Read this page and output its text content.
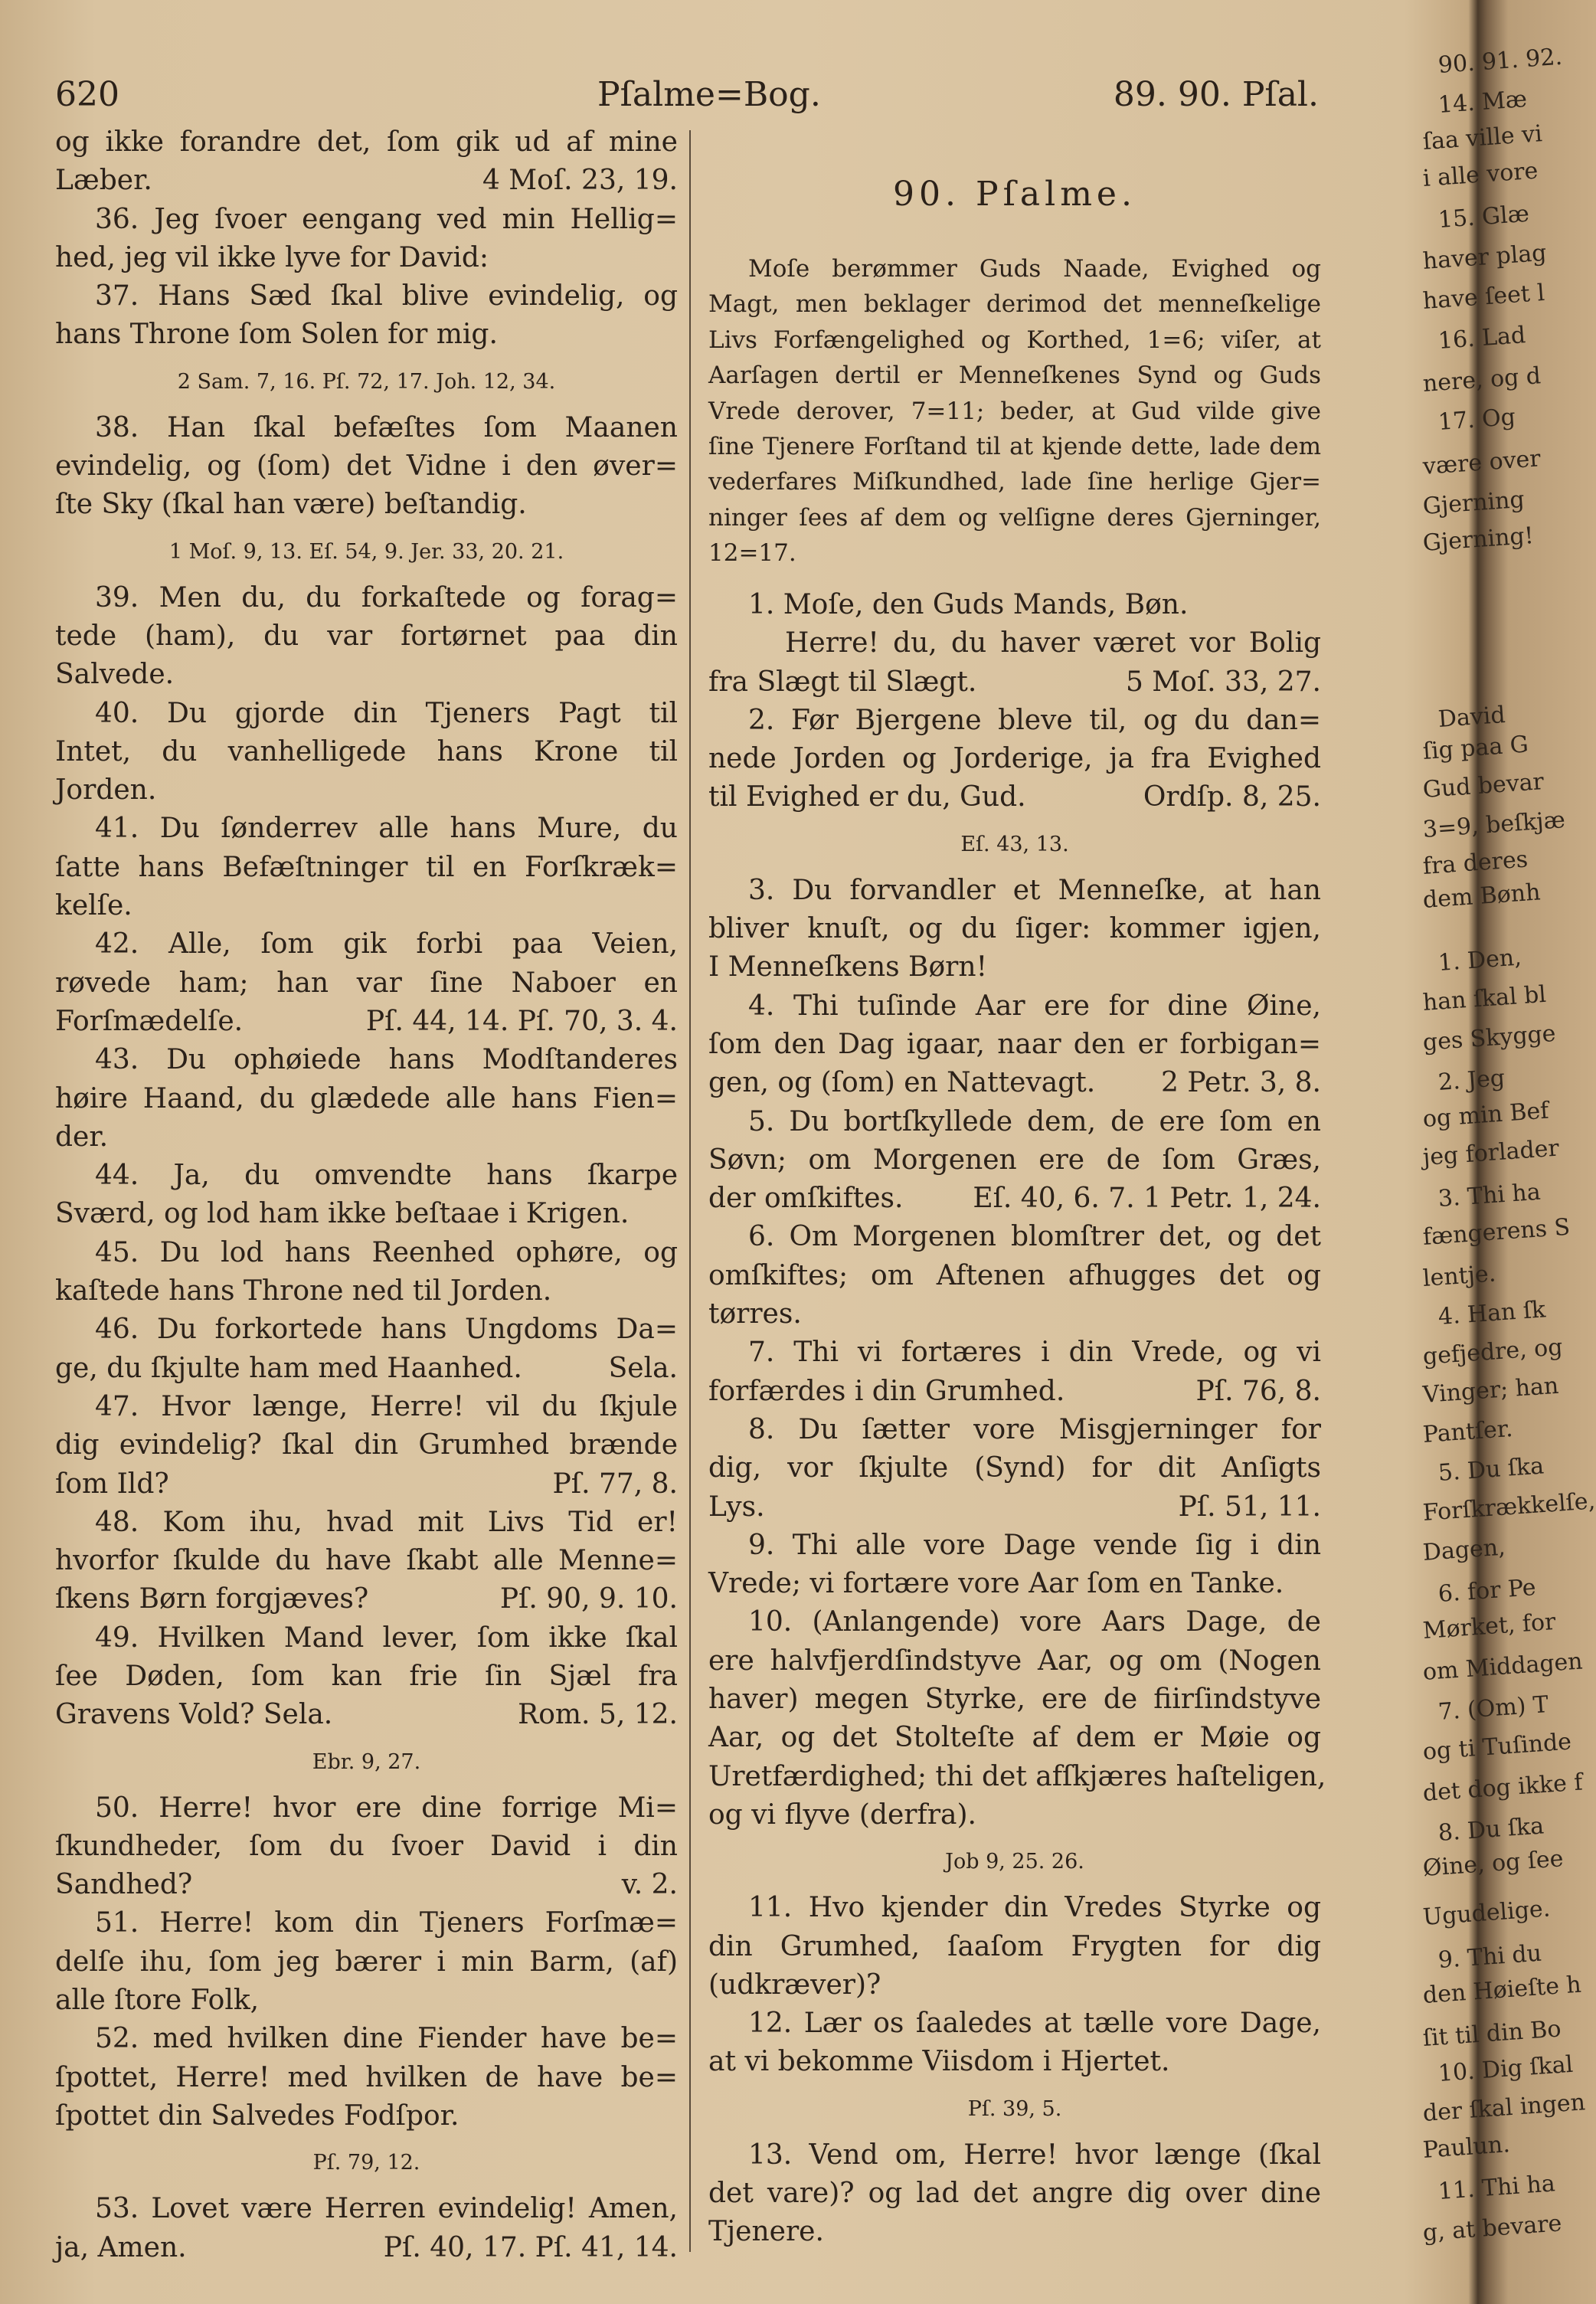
620	Pſalme=Bog.	89. 90. Pſal.
og ikke forandre det, ſom gik ud af mine
Læber.	4 Moſ. 23, 19.
36. Jeg ſvoer eengang ved min Hellig=
hed, jeg vil ikke lyve for David:
37. Hans Sæd ſkal blive evindelig, og
hans Throne ſom Solen for mig.
2 Sam. 7, 16. Pſ. 72, 17. Joh. 12, 34.
38. Han ſkal befæſtes ſom Maanen
evindelig, og (ſom) det Vidne i den øver=
ſte Sky (ſkal han være) beſtandig.
1 Moſ. 9, 13. Eſ. 54, 9. Jer. 33, 20. 21.
39. Men du, du forkaſtede og forag=
tede (ham), du var fortørnet paa din
Salvede.
40. Du gjorde din Tjeners Pagt til
Intet, du vanhelligede hans Krone til
Jorden.
41. Du ſønderrev alle hans Mure, du
ſatte hans Befæſtninger til en Forſkræk=
kelſe.
42. Alle, ſom gik forbi paa Veien,
røvede ham; han var ſine Naboer en
Forſmædelſe.	Pſ. 44, 14. Pſ. 70, 3. 4.
43. Du ophøiede hans Modſtanderes
høire Haand, du glædede alle hans Fien=
der.
44. Ja, du omvendte hans ſkarpe
Sværd, og lod ham ikke beſtaae i Krigen.
45. Du lod hans Reenhed ophøre, og
kaſtede hans Throne ned til Jorden.
46. Du forkortede hans Ungdoms Da=
ge, du ſkjulte ham med Haanhed.	Sela.
47. Hvor længe, Herre! vil du ſkjule
dig evindelig? ſkal din Grumhed brænde
ſom Ild?	Pſ. 77, 8.
48. Kom ihu, hvad mit Livs Tid er!
hvorfor ſkulde du have ſkabt alle Menne=
ſkens Børn forgjæves?	Pſ. 90, 9. 10.
49. Hvilken Mand lever, ſom ikke ſkal
ſee Døden, ſom kan frie ſin Sjæl fra
Gravens Vold? Sela.	Rom. 5, 12.
Ebr. 9, 27.
50. Herre! hvor ere dine forrige Mi=
ſkundheder, ſom du ſvoer David i din
Sandhed?	v. 2.
51. Herre! kom din Tjeners Forſmæ=
delſe ihu, ſom jeg bærer i min Barm, (af)
alle ſtore Folk,
52. med hvilken dine Fiender have be=
ſpottet, Herre! med hvilken de have be=
ſpottet din Salvedes Fodſpor.
Pſ. 79, 12.
53. Lovet være Herren evindelig! Amen,
ja, Amen.	Pſ. 40, 17. Pſ. 41, 14.
90. Pſalme.
Moſe berømmer Guds Naade, Evighed og
Magt, men beklager derimod det menneſkelige
Livs Forfængelighed og Korthed, 1=6; viſer, at
Aarſagen dertil er Menneſkenes Synd og Guds
Vrede derover, 7=11; beder, at Gud vilde give
ſine Tjenere Forſtand til at kjende dette, lade dem
vederfares Miſkundhed, lade ſine herlige Gjer=
ninger ſees af dem og velſigne deres Gjerninger,
12=17.
1. Moſe, den Guds Mands, Bøn.
Herre! du, du haver været vor Bolig
fra Slægt til Slægt.	5 Moſ. 33, 27.
2. Før Bjergene bleve til, og du dan=
nede Jorden og Jorderige, ja fra Evighed
til Evighed er du, Gud.	Ordſp. 8, 25.
Eſ. 43, 13.
3. Du forvandler et Menneſke, at han
bliver knuſt, og du ſiger: kommer igjen,
I Menneſkens Børn!
4. Thi tuſinde Aar ere for dine Øine,
ſom den Dag igaar, naar den er forbigan=
gen, og (ſom) en Nattevagt. 2 Petr. 3, 8.
5. Du bortſkyllede dem, de ere ſom en
Søvn; om Morgenen ere de ſom Græs,
der omſkiftes.	Eſ. 40, 6. 7. 1 Petr. 1, 24.
6. Om Morgenen blomſtrer det, og det
omſkiftes; om Aftenen afhugges det og
tørres.
7. Thi vi fortæres i din Vrede, og vi
forfærdes i din Grumhed.	Pſ. 76, 8.
8. Du ſætter vore Misgjerninger for
dig, vor ſkjulte (Synd) for dit Anſigts
Lys.	Pſ. 51, 11.
9. Thi alle vore Dage vende ſig i din
Vrede; vi fortære vore Aar ſom en Tanke.
10. (Anlangende) vore Aars Dage, de
ere halvfjerdſindstyve Aar, og om (Nogen
haver) megen Styrke, ere de fiirſindstyve
Aar, og det Stolteſte af dem er Møie og
Uretfærdighed; thi det afſkjæres haſteligen,
og vi flyve (derfra).
Job 9, 25. 26.
11. Hvo kjender din Vredes Styrke og
din Grumhed, ſaaſom Frygten for dig
(udkræver)?
12. Lær os ſaaledes at tælle vore Dage,
at vi bekomme Viisdom i Hjertet.
Pſ. 39, 5.
13. Vend om, Herre! hvor længe (ſkal
det vare)? og lad det angre dig over dine
Tjenere.
90. 91. 92.
14. Mæ
ſaa ville vi
i alle vore
15. Glæ
haver plag
have ſeet l
16. Lad
nere, og d
17. Og
være over
Gjerning
Gjerning!
David
ſig paa G
Gud bevar
3=9, beſkjæ
fra deres
dem Bønh
1. Den,
han ſkal bl
ges Skygge
2. Jeg
og min Bef
jeg forlader
3. Thi ha
fængerens S
lentje.
4. Han ſk
gefjedre, og
Vinger; han
Pantſer.
5. Du ſka
Forſkrækkelſe,
Dagen,
6. for Pe
Mørket, for
om Middagen
7. (Om) T
og ti Tuſinde
det dog ikke f
8. Du ſka
Øine, og ſee
Ugudelige.
9. Thi du
den Høieſte h
ſit til din Bo
10. Dig ſkal
der ſkal ingen
Paulun.
11. Thi ha
g, at bevare
